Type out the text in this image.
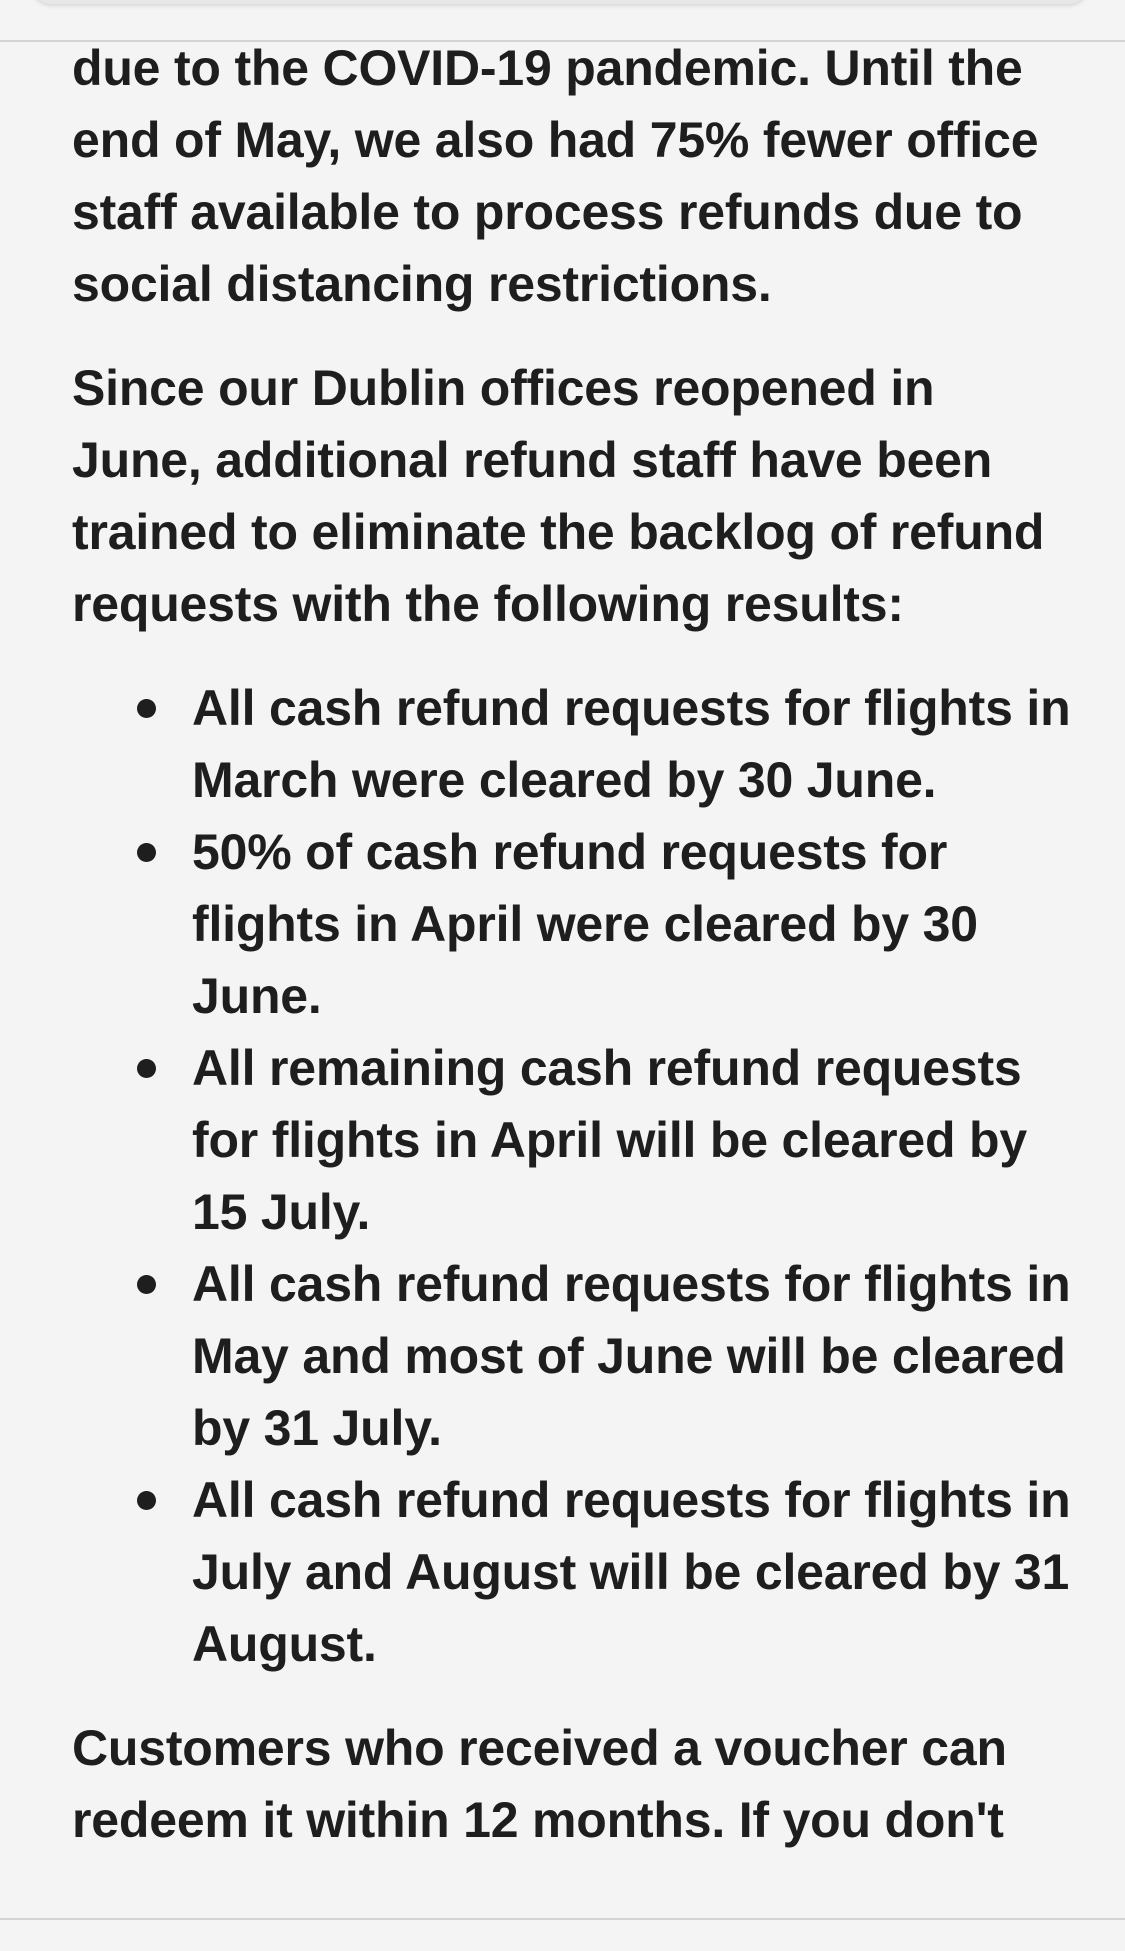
due to the COVID-19 pandemic. Until the end of May, we also had 75% fewer office staff available to process refunds due to social distancing restrictions.

Since our Dublin offices reopened in June, additional refund staff have been trained to eliminate the backlog of refund requests with the following results:

All cash refund requests for flights in March were cleared by 30 June.
50% of cash refund requests for flights in April were cleared by 30 June.
All remaining cash refund requests for flights in April will be cleared by 15 July.
All cash refund requests for flights in May and most of June will be cleared by 31 July.
All cash refund requests for flights in July and August will be cleared by 31 August.

Customers who received a voucher can redeem it within 12 months. If you don't
